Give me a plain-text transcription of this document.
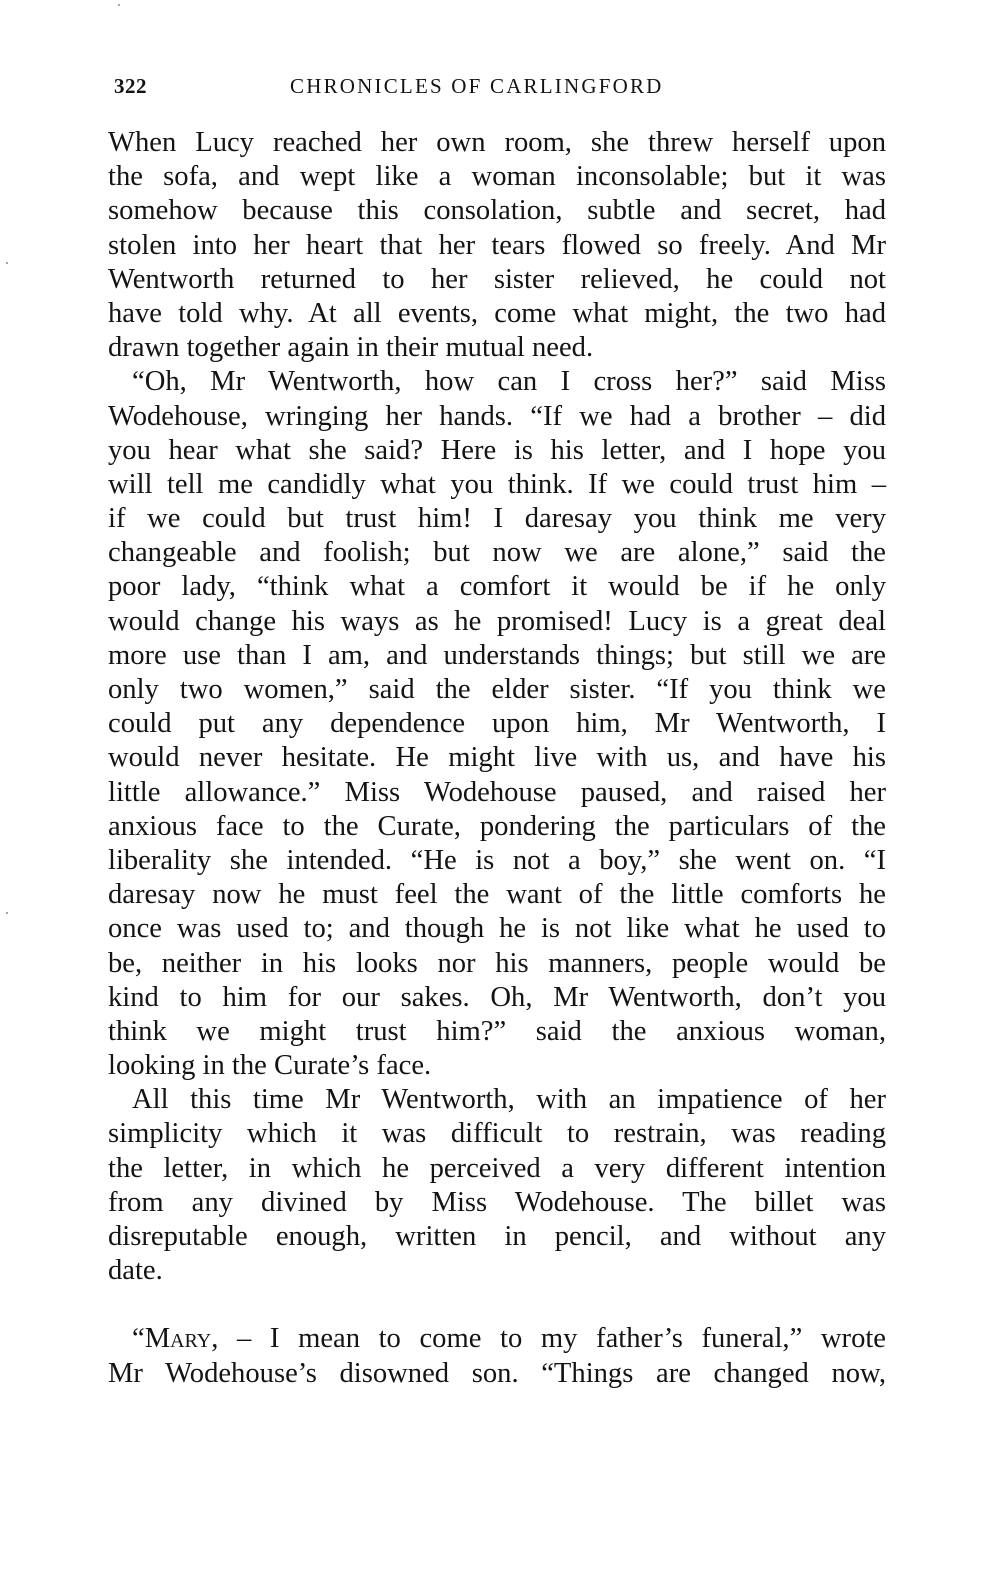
322	CHRONICLES OF CARLINGFORD
When Lucy reached her own room, she threw herself upon
the sofa, and wept like a woman inconsolable; but it was
somehow because this consolation, subtle and secret, had
stolen into her heart that her tears flowed so freely. And Mr
Wentworth returned to her sister relieved, he could not
have told why. At all events, come what might, the two had
drawn together again in their mutual need.
“Oh, Mr Wentworth, how can I cross her?” said Miss
Wodehouse, wringing her hands. “If we had a brother – did
you hear what she said? Here is his letter, and I hope you
will tell me candidly what you think. If we could trust him –
if we could but trust him! I daresay you think me very
changeable and foolish; but now we are alone,” said the
poor lady, “think what a comfort it would be if he only
would change his ways as he promised! Lucy is a great deal
more use than I am, and understands things; but still we are
only two women,” said the elder sister. “If you think we
could put any dependence upon him, Mr Wentworth, I
would never hesitate. He might live with us, and have his
little allowance.” Miss Wodehouse paused, and raised her
anxious face to the Curate, pondering the particulars of the
liberality she intended. “He is not a boy,” she went on. “I
daresay now he must feel the want of the little comforts he
once was used to; and though he is not like what he used to
be, neither in his looks nor his manners, people would be
kind to him for our sakes. Oh, Mr Wentworth, don’t you
think we might trust him?” said the anxious woman,
looking in the Curate’s face.
All this time Mr Wentworth, with an impatience of her
simplicity which it was difficult to restrain, was reading
the letter, in which he perceived a very different intention
from any divined by Miss Wodehouse. The billet was
disreputable enough, written in pencil, and without any
date.
“Mary, – I mean to come to my father’s funeral,” wrote
Mr Wodehouse’s disowned son. “Things are changed now,
